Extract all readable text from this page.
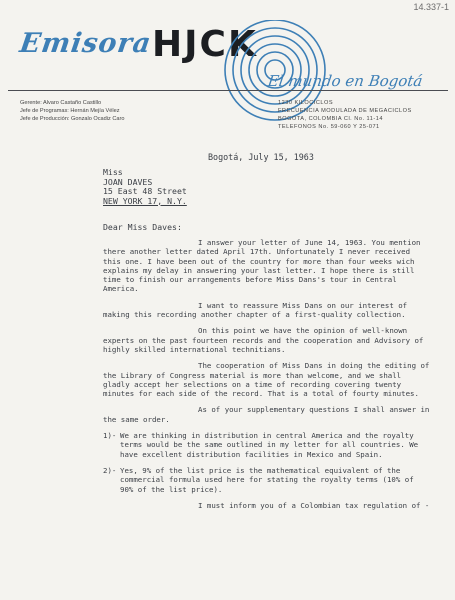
14.337-1
Emisora
HJCK
El mundo en Bogotá
Gerente: Alvaro Castaño Castillo
Jefe de Programas: Hernán Mejía Vélez
Jefe de Producción: Gonzalo Ocadiz Caro
1230 KILOCICLOS
FRECUENCIA MODULADA DE MEGACICLOS
BOGOTA, COLOMBIA Cl. No. 11-14
TELEFONOS No. 59-060 Y 25-071
Bogotá, July 15, 1963
Miss
JOAN DAVES
15 East 48 Street
NEW YORK 17, N.Y.
Dear Miss Daves:

I answer your letter of June 14, 1963. You mention there another letter dated April 17th. Unfortunately I never received this one. I have been out of the country for more than four weeks wich explains my delay in answering your last letter. I hope there is still time to finish our arrangements before Miss Dans's tour in Central America.

I want to reassure Miss Dans on our interest of making this recording another chapter of a first-quality collection.

On this point we have the opinion of well-known experts on the past fourteen records and the cooperation and Advisory of highly skilled international technitians.

The cooperation of Miss Dans in doing the editing of the Library of Congress material is more than welcome, and we shall gladly accept her selections on a time of recording covering twenty minutes for each side of the record. That is a total of fourty minutes.

As of your supplementary questions I shall answer in the same order.

1)- We are thinking in distribution in central America and the royalty terms would be the same outlined in my letter for all countries. We have excellent distribution facilities in Mexico and Spain.

2)- Yes, 9% of the list price is the mathematical equivalent of the commercial formula used here for stating the royalty terms (10% of 90% of the list price).

I must inform you of a Colombian tax regulation of -
